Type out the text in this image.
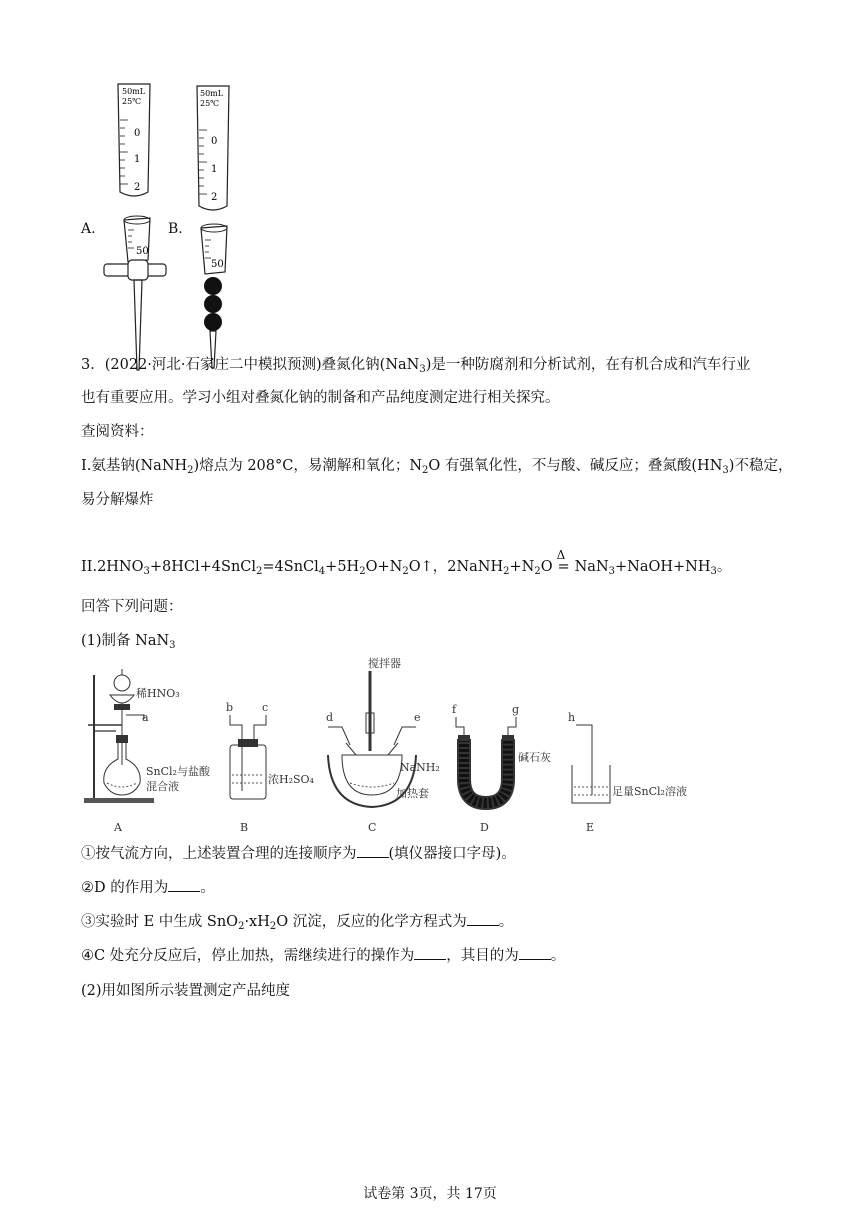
A.	B.
50mL
25℃
0
1
2
50
50mL
25℃
0
1
2
50
3．(2022·河北·石家庄二中模拟预测)叠氮化钠(NaN$_3$)是一种防腐剂和分析试剂，在有机合成和汽车行业
也有重要应用。学习小组对叠氮化钠的制备和产品纯度测定进行相关探究。
查阅资料：
I.氨基钠(NaNH$_2$)熔点为 208°C，易潮解和氧化；$N_2O$ 有强氧化性，不与酸、碱反应；叠氮酸$(HN_3)$不稳定，
易分解爆炸
$II.2HNO_3+8HCl+4SnCl_2=4SnCl_4+5H_2O+N_2O↑$，$2NaNH_2+N_2O$
Δ
= $NaN_3+NaOH+NH_3$。
回答下列问题：
(1)制备 NaN$_3$
稀HNO₃
a
SnCl₂与盐酸
混合液
A
b	c
浓H₂SO₄
B
搅拌器
d	e
NaNH₂
加热套
C
f	g
碱石灰
D
h
足量SnCl₂溶液
E
①按气流方向，上述装置合理的连接顺序为 (填仪器接口字母)。
②D 的作用为 。
③实验时 E 中生成 $SnO_2\cdot xH_2O$ 沉淀，反应的化学方程式为 。
④C 处充分反应后，停止加热，需继续进行的操作为 ，其目的为 。
(2)用如图所示装置测定产品纯度
试卷第 3页，共 17页
